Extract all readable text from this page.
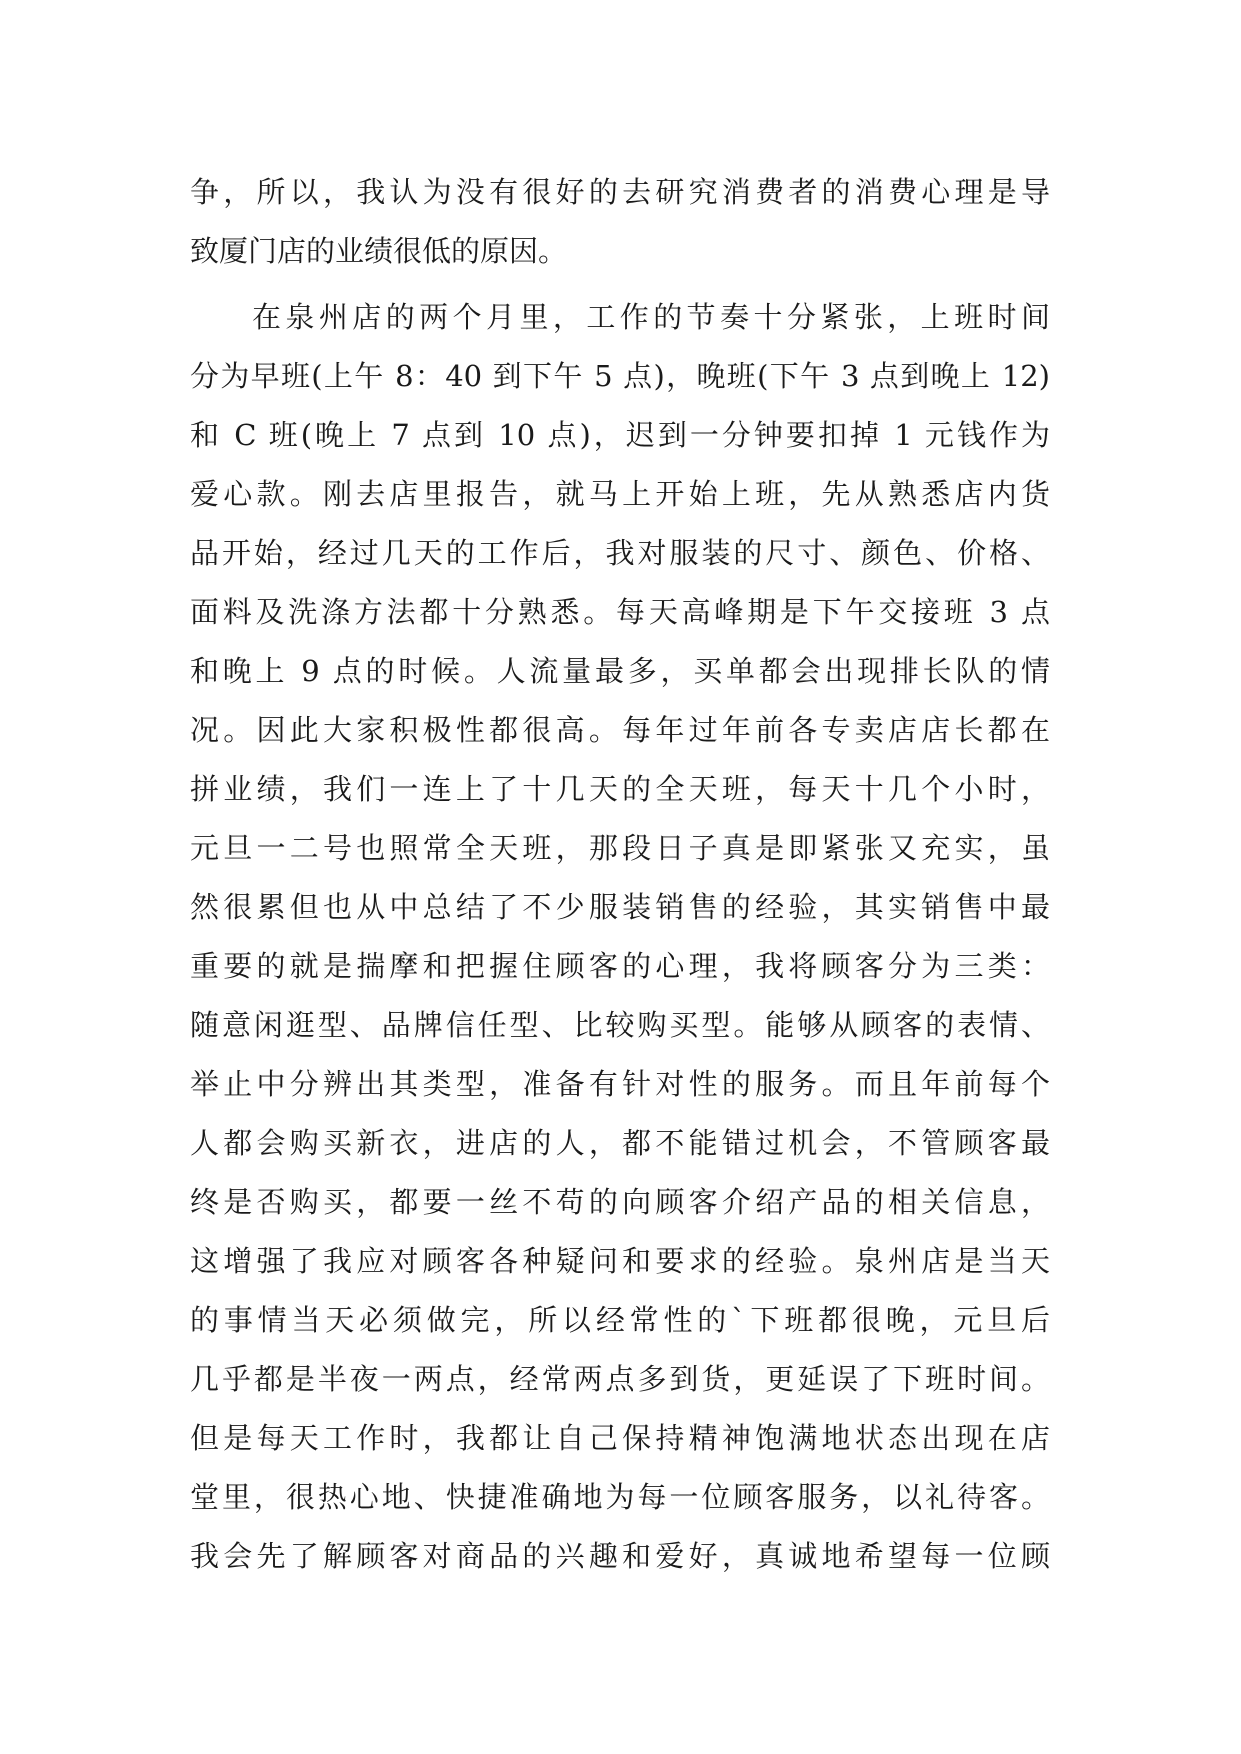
争，所以，我认为没有很好的去研究消费者的消费心理是导
致厦门店的业绩很低的原因。
在泉州店的两个月里，工作的节奏十分紧张，上班时间
分为早班(上午 8：40 到下午 5 点)，晚班(下午 3 点到晚上 12)
和 C 班(晚上 7 点到 10 点)，迟到一分钟要扣掉 1 元钱作为
爱心款。刚去店里报告，就马上开始上班，先从熟悉店内货
品开始，经过几天的工作后，我对服装的尺寸、颜色、价格、
面料及洗涤方法都十分熟悉。每天高峰期是下午交接班 3 点
和晚上 9 点的时候。人流量最多，买单都会出现排长队的情
况。因此大家积极性都很高。每年过年前各专卖店店长都在
拼业绩，我们一连上了十几天的全天班，每天十几个小时，
元旦一二号也照常全天班，那段日子真是即紧张又充实，虽
然很累但也从中总结了不少服装销售的经验，其实销售中最
重要的就是揣摩和把握住顾客的心理，我将顾客分为三类：
随意闲逛型、品牌信任型、比较购买型。能够从顾客的表情、
举止中分辨出其类型，准备有针对性的服务。而且年前每个
人都会购买新衣，进店的人，都不能错过机会，不管顾客最
终是否购买，都要一丝不苟的向顾客介绍产品的相关信息，
这增强了我应对顾客各种疑问和要求的经验。泉州店是当天
的事情当天必须做完，所以经常性的`下班都很晚，元旦后
几乎都是半夜一两点，经常两点多到货，更延误了下班时间。
但是每天工作时，我都让自己保持精神饱满地状态出现在店
堂里，很热心地、快捷准确地为每一位顾客服务，以礼待客。
我会先了解顾客对商品的兴趣和爱好，真诚地希望每一位顾
